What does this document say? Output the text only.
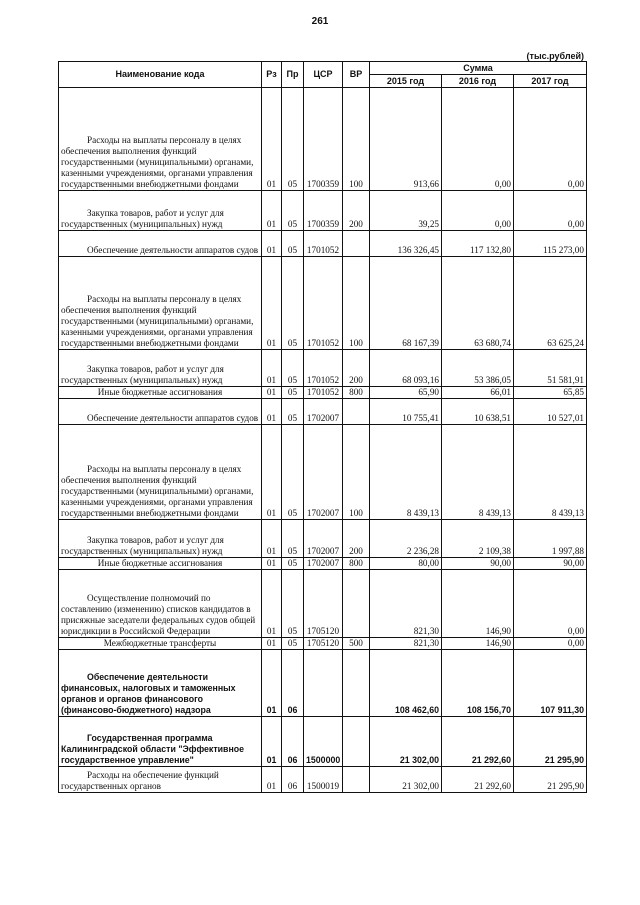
261
(тыс.рублей)
Наименование кода	Рз	Пр	ЦСР	ВР	Сумма		
					2015 год	2016 год	2017 год
Расходы на выплаты персоналу в целях обеспечения выполнения функций государственными (муниципальными) органами, казенными учреждениями, органами управления государственными внебюджетными фондами	01	05	1700359	100	913,66	0,00	0,00
Закупка товаров, работ и услуг для государственных (муниципальных) нужд	01	05	1700359	200	39,25	0,00	0,00
Обеспечение деятельности аппаратов судов	01	05	1701052		136 326,45	117 132,80	115 273,00
Расходы на выплаты персоналу в целях обеспечения выполнения функций государственными (муниципальными) органами, казенными учреждениями, органами управления государственными внебюджетными фондами	01	05	1701052	100	68 167,39	63 680,74	63 625,24
Закупка товаров, работ и услуг для государственных (муниципальных) нужд	01	05	1701052	200	68 093,16	53 386,05	51 581,91
Иные бюджетные ассигнования	01	05	1701052	800	65,90	66,01	65,85
Обеспечение деятельности аппаратов судов	01	05	1702007		10 755,41	10 638,51	10 527,01
Расходы на выплаты персоналу в целях обеспечения выполнения функций государственными (муниципальными) органами, казенными учреждениями, органами управления государственными внебюджетными фондами	01	05	1702007	100	8 439,13	8 439,13	8 439,13
Закупка товаров, работ и услуг для государственных (муниципальных) нужд	01	05	1702007	200	2 236,28	2 109,38	1 997,88
Иные бюджетные ассигнования	01	05	1702007	800	80,00	90,00	90,00
Осуществление полномочий по составлению (изменению) списков кандидатов в присяжные заседатели федеральных судов общей юрисдикции в Российской Федерации	01	05	1705120		821,30	146,90	0,00
Межбюджетные трансферты	01	05	1705120	500	821,30	146,90	0,00
Обеспечение деятельности финансовых, налоговых и таможенных органов и органов финансового (финансово-бюджетного) надзора	01	06			108 462,60	108 156,70	107 911,30
Государственная программа Калининградской области "Эффективное государственное управление"	01	06	1500000		21 302,00	21 292,60	21 295,90
Расходы на обеспечение функций государственных органов	01	06	1500019		21 302,00	21 292,60	21 295,90
